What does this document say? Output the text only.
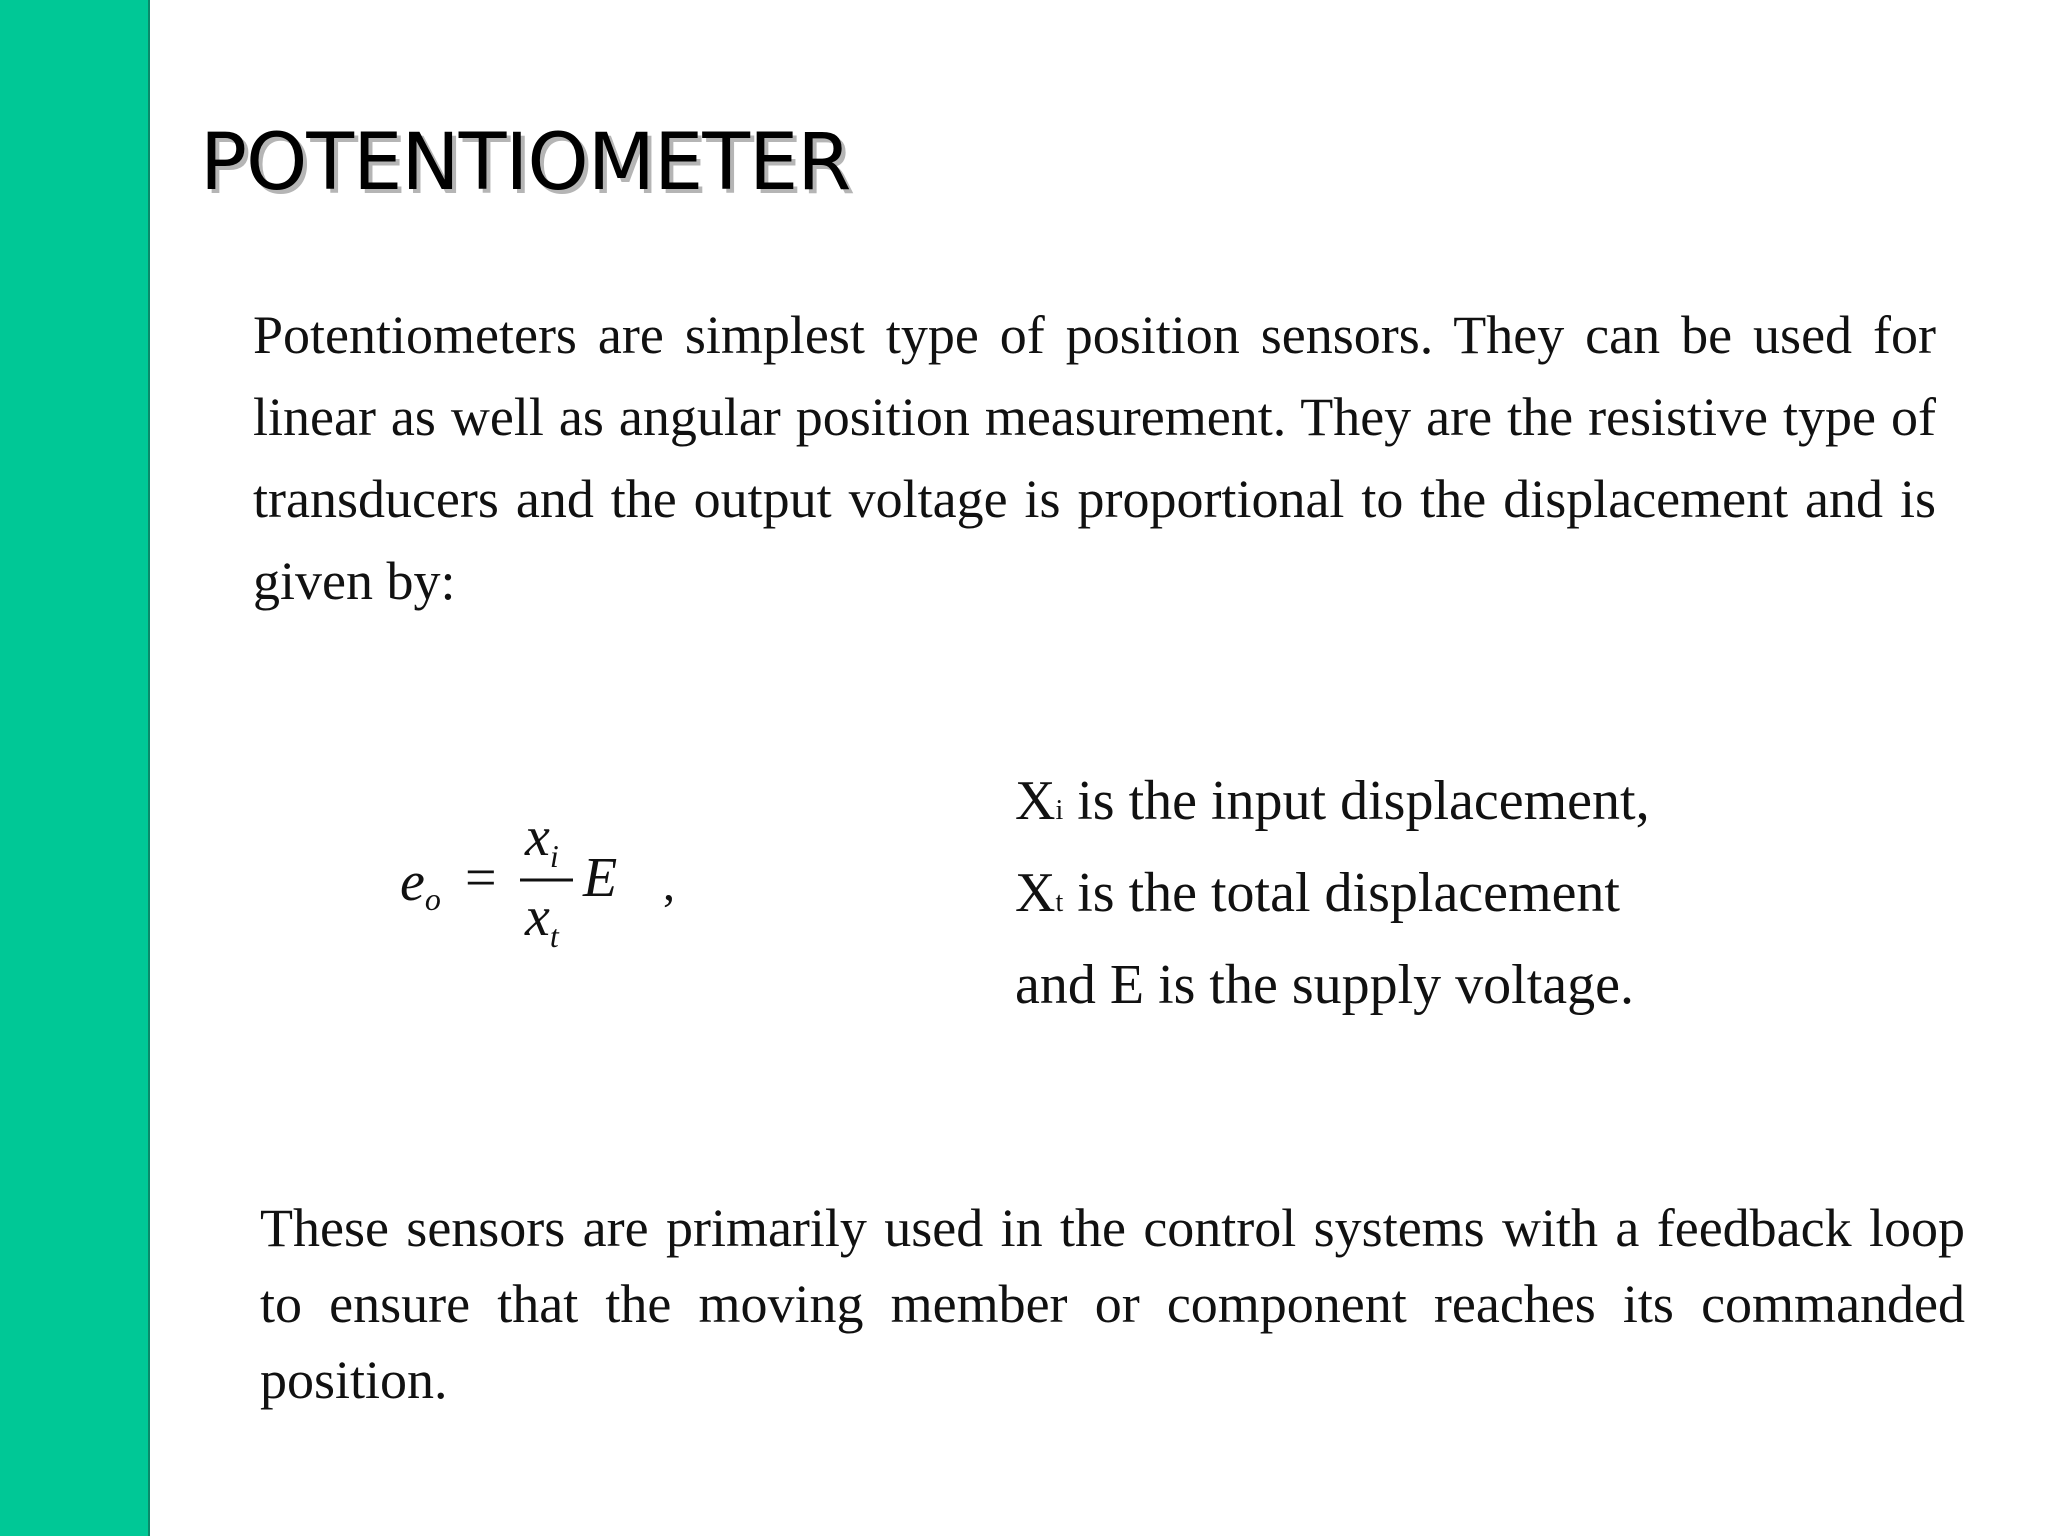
POTENTIOMETER

Potentiometers are simplest type of position sensors. They can be used for linear as well as angular position measurement. They are the resistive type of transducers and the output voltage is proportional to the displacement and is given by:

eo =
$x_i$
$x_t$
E ,
Xi is the input displacement,
Xt is the total displacement
and E is the supply voltage.

These sensors are primarily used in the control systems with a feedback loop to ensure that the moving member or component reaches its commanded position.
